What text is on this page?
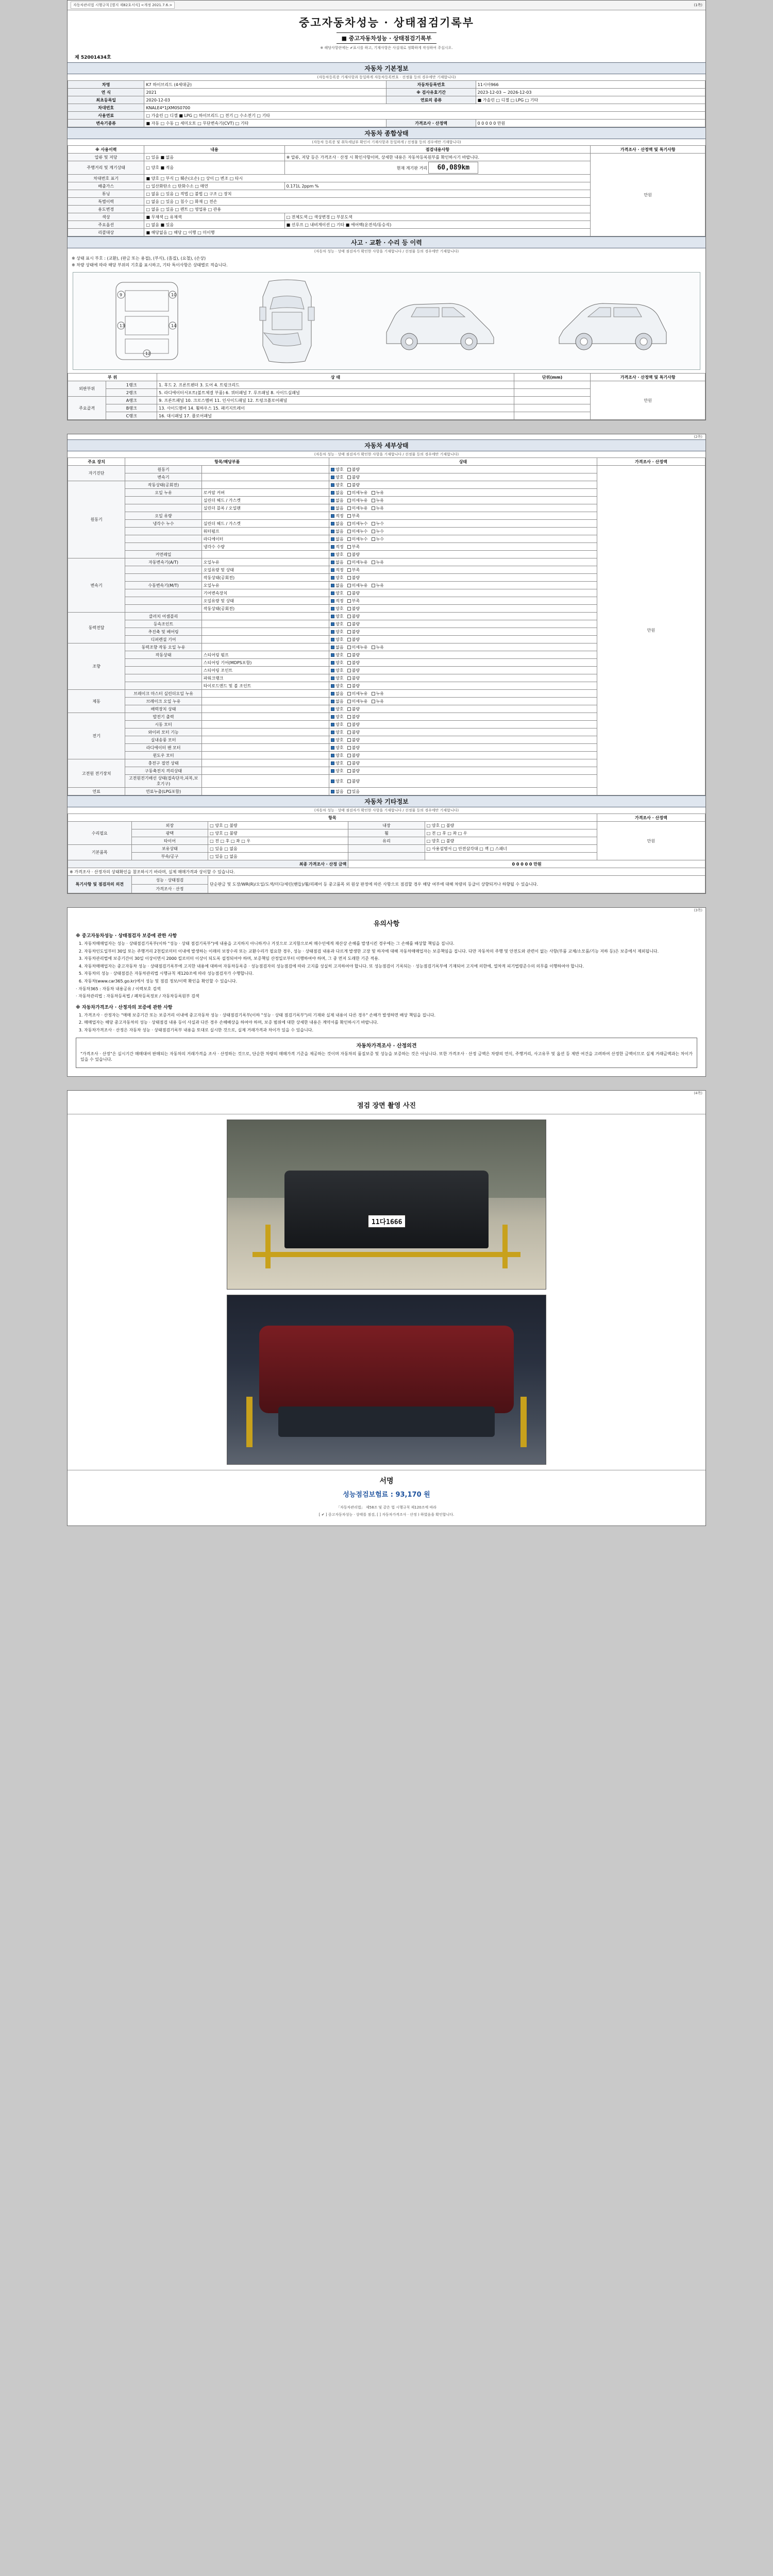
자동차관리법 시행규칙 [별지 제82호서식] <개정 2021.7.6.>	(1쪽)
중고자동차성능 · 상태점검기록부
■ 중고자동차성능 · 상태점검기록부
※ 해당사항란에는 ✔표시를 하고, 기재사항은 사실대로 정확하게 작성하여 주십시오.
제 52001434호
자동차 기본정보
(자동차등록증 기재사항과 동일하게 자동차등록번호 · 선정물 등의 경우에만 기재합니다)
차명	K7 하이브리드 (4세대급)	자동차등록번호	11시아966
연 식	2021	※ 검사유효기간	2023-12-03 ~ 2026-12-03
최초등록일	2020-12-03	연료의 종류	■ 가솔린 □ 디젤 □ LPG □ 기타
차대번호	KNALE4*1JXM0S0700		
사용연료	□ 가솔린 □ 디젤 ■ LPG □ 하이브리드 □ 전기 □ 수소전기 □ 기타		
변속기종류	■ 자동 □ 수동 □ 세미오토 □ 무단변속기(CVT) □ 기타	가격조사 · 산정액	0 0 0 0 0 만원
자동차 종합상태
(자동차 등록증 및 취득세납부 확인서 기재사항과 동일하게 / 선정물 등의 경우에만 기재합니다)
※ 사용이력	내용	점검내용사항	가격조사 · 산정액 및 특기사항
압류 및 저당	□ 있음 ■ 없음	※ 압류, 저당 등은 가격조사 · 산정 시 확인사항이며, 상세한 내용은 자동차등록원부를 확인하시기 바랍니다.	만원
주행거리 및 계기상태	□ 양호 ■ 적음	현재 계기판 거리 60,089km	
차대번호 표기	■ 양호 □ 부식 □ 훼손(오손) □ 상이 □ 변조 □ 타시		
배출가스	□ 일산화탄소 □ 탄화수소 □ 매연	0.171L 2ppm %	
튜닝	□ 없음 □ 있음 □ 적법 □ 불법 □ 구조 □ 장치		
특별이력	□ 없음 □ 있음 □ 침수 □ 화재 □ 전손		
용도변경	□ 없음 □ 있음 □ 렌트 □ 영업용 □ 관용		
색상	■ 무채색 □ 유채색	□ 전체도색 □ 색상변경 □ 부분도색	
주요옵션	□ 없음 ■ 있음	■ 선루프 □ 내비게이션 □ 기타 ■ 에어백(운전석/동승석)	
리콜대상	■ 해당없음 □ 해당 □ 이행 □ 미이행		
사고 · 교환 · 수리 등 이력
(자동차 성능 · 상태 점검자가 확인한 사항을 기재합니다 / 선정물 등의 경우에만 기재합니다)
※ 상태 표시 부호 : (교환), (판금 또는 용접), (부식), (흠집), (요철), (손상)
※ 차량 상태에 따라 해당 부위의 기호를 표시하고, 기타 특이사항은 상태별로 적습니다.
9	10
13	14
12
부 위		상 태	단위(mm)	가격조사 · 산정액 및 특기사항
외판부위	1랭크	1. 후드 2. 프론트펜더 3. 도어 4. 트렁크리드		만원
	2랭크	5. 라디에이터서포트(볼트체결 부품) 6. 쿼터패널 7. 루프패널 8. 사이드실패널		
주요골격	A랭크	9. 프론트패널 10. 크로스멤버 11. 인사이드패널 12. 트렁크플로어패널		
	B랭크	13. 사이드멤버 14. 휠하우스 15. 패키지트레이		
	C랭크	16. 대시패널 17. 플로어패널		
(2쪽)
자동차 세부상태
(자동차 성능 · 상태 점검자가 확인한 사항을 기재합니다 / 선정물 등의 경우에만 기재합니다)
주요 장치	항목/해당부품		상태	가격조사 · 산정액
자기진단	원동기		양호 불량	만원
	변속기		양호 불량	
원동기	작동상태(공회전)		양호 불량	
	오일 누유	로커암 커버	없음 미세누유 누유	
		실린더 헤드 / 가스켓	없음 미세누유 누유	
		실린더 블록 / 오일팬	없음 미세누유 누유	
	오일 유량		적정 부족	
	냉각수 누수	실린더 헤드 / 가스켓	없음 미세누수 누수	
		워터펌프	없음 미세누수 누수	
		라디에이터	없음 미세누수 누수	
		냉각수 수량	적정 부족	
	커먼레일		양호 불량	
변속기	자동변속기(A/T)	오일누유	없음 미세누유 누유	
		오일유량 및 상태	적정 부족	
		작동상태(공회전)	양호 불량	
	수동변속기(M/T)	오일누유	없음 미세누유 누유	
		기어변속장치	양호 불량	
		오일유량 및 상태	적정 부족	
		작동상태(공회전)	양호 불량	
동력전달	클러치 어셈블리		양호 불량	
	등속조인트		양호 불량	
	추진축 및 베어링		양호 불량	
	디퍼렌셜 기어		양호 불량	
조향	동력조향 작동 오일 누유		없음 미세누유 누유	
	작동상태	스티어링 펌프	양호 불량	
		스티어링 기어(MDPS포함)	양호 불량	
		스티어링 조인트	양호 불량	
		파워크랭크	양호 불량	
		타이로드엔드 및 볼 조인트	양호 불량	
제동	브레이크 마스터 실린더오일 누유		없음 미세누유 누유	
	브레이크 오일 누유		없음 미세누유 누유	
	배력장치 상태		양호 불량	
전기	발전기 출력		양호 불량	
	시동 모터		양호 불량	
	와이퍼 모터 기능		양호 불량	
	실내송풍 모터		양호 불량	
	라디에이터 팬 모터		양호 불량	
	윈도우 모터		양호 불량	
고전원 전기장치	충전구 절연 상태		양호 불량	
	구동축전지 격리상태		양호 불량	
	고전원전기배선 상태(접속단자,피복,보호기구)		양호 불량	
연료	연료누출(LPG포함)		없음 있음	
자동차 기타정보
(자동차 성능 · 상태 점검자가 확인한 사항을 기재합니다 / 선정물 등의 경우에만 기재합니다)
항목					가격조사 · 산정액
수리필요	외장	□ 양호 □ 불량	내장	□ 양호 □ 불량	만원
	광택	□ 양호 □ 불량	휠	□ 전 □ 후 □ 좌 □ 우	
	타이어	□ 전 □ 후 □ 좌 □ 우	유리	□ 양호 □ 불량	
기본품목	보유상태	□ 있음 □ 없음		□ 사용설명서 □ 안전삼각대 □ 잭 □ 스패너	
	부속/공구	□ 있음 □ 없음			
최종 가격조사 · 산정 금액			0 0 0 0 0 만원		
※ 가격조사 · 산정자의 상태확인을 참조하시기 바라며, 실제 매매가격과 상이할 수 있습니다.					
특기사항 및 점검자의 의견	성능 · 상태점검	단순판금 및 도장/WR(R)/오일/도색/미디/세린(핸들)/휠/리페어 등 중고품목 외 원상 판정에 따른 사항으로 점검할 경우 해당 여부에 대해 차량의 등급이 상향되거나 하향될 수 있습니다.			
	가격조사 · 산정				
(3쪽)
유의사항
※ 중고자동차성능 · 상태점검자 보증에 관한 사항
1. 자동차매매업자는 성능 · 상태점검기록부(이하 "성능 · 상태 점검기록부")에 내용을 고지하지 아니하거나 거짓으로 고지함으로써 매수인에게 재산상 손해를 발생시킨 경우에는 그 손해를 배상할 책임을 집니다.
2. 자동차인도일부터 30일 또는 주행거리 2천킬로미터 이내에 발생하는 이래의 보장수리 또는 교환수리가 필요한 경우, 성능 · 상태점검 내용과 다르게 발생한 고장 및 하자에 대해 자동차매매업자는 보증책임을 집니다. 다만 자동차의 주행 및 안전도와 관련이 없는 사항(부품 교체/소모품/기능 저하 등)은 보증에서 제외됩니다.
3. 자동차관리법에 보증기간이 30일 이상이면서 2000 킬로미터 이상이 되도록 설정되어야 하며, 보증책임 산정일로부터 이행하여야 하며, 그 중 먼저 도래한 기준 적용.
4. 자동차매매업자는 중고자동차 성능 · 상태점검기록부에 고지한 내용에 대하여 자동차등록증 · 성능점검자의 성능점검에 따라 고지를 성실히 고지하여야 합니다. 또 성능점검이 기록되는 · 성능점검기록부에 기재되어 고지에 의한에, 열차적 피기법령준수의 의무를 이행하여야 합니다.
5. 자동차의 성능 · 상태점검은 자동차관리법 시행규칙 제120조에 따라 성능점검자가 수행합니다.
6. 자동차(www.car365.go.kr)에서 성능 및 점검 정보/이력 확인을 확인할 수 있습니다.

· 자동차365 : 자동차 내용공유 / 이력보호 검색

· 자동차관리법 : 자동차등록법 / 폐차등록정보 / 자동차등록원부 검색

※ 자동차가격조사 · 산정자의 보증에 관한 사항
1. 가격조사 · 산정자는 "매매 보증기간 또는 보증거리 이내에 중고자동차 성능 · 상태점검기록부(이하 "성능 · 상태 점검기록부")의 기재와 실제 내용이 다른 경우" 손해가 발생하면 배상 책임을 집니다.
2. 매매업자는 해당 중고자동차의 성능 · 상태점검 내용 등이 사실과 다른 경우 손해배상을 하여야 하며, 보증 범위에 대한 상세한 내용은 계약서를 확인하시기 바랍니다.
3. 자동차가격조사 · 산정은 자동차 성능 · 상태점검기록부 내용을 토대로 실시한 것으로, 실제 거래가격과 차이가 있을 수 있습니다.
자동차가격조사 · 산정의견

"가격조사 · 산정"은 실시기간 매매대여 판매되는 자동차의 거래가격을 조사 · 산정하는 것으로, 단순한 차량의 매매가격 기준을 제공하는 것이며 자동차의 품질보증 및 성능을 보증하는 것은 아닙니다. 또한 가격조사 · 산정 금액은 차량의 연식, 주행거리, 사고유무 및 옵션 등 제반 여건을 고려하여 산정한 금액이므로 실제 거래금액과는 차이가 있을 수 있습니다.

(4쪽)
점검 장면 촬영 사진
11다1666
서명
성능점검보험료 : 93,170 원
「자동차관리법」 제58조 및 같은 법 시행규칙 제120조에 따라
[ ✔ ] 중고자동차성능 · 상태를 점검, [ ] 자동차가격조사 · 산정 ) 하였음을 확인합니다.
